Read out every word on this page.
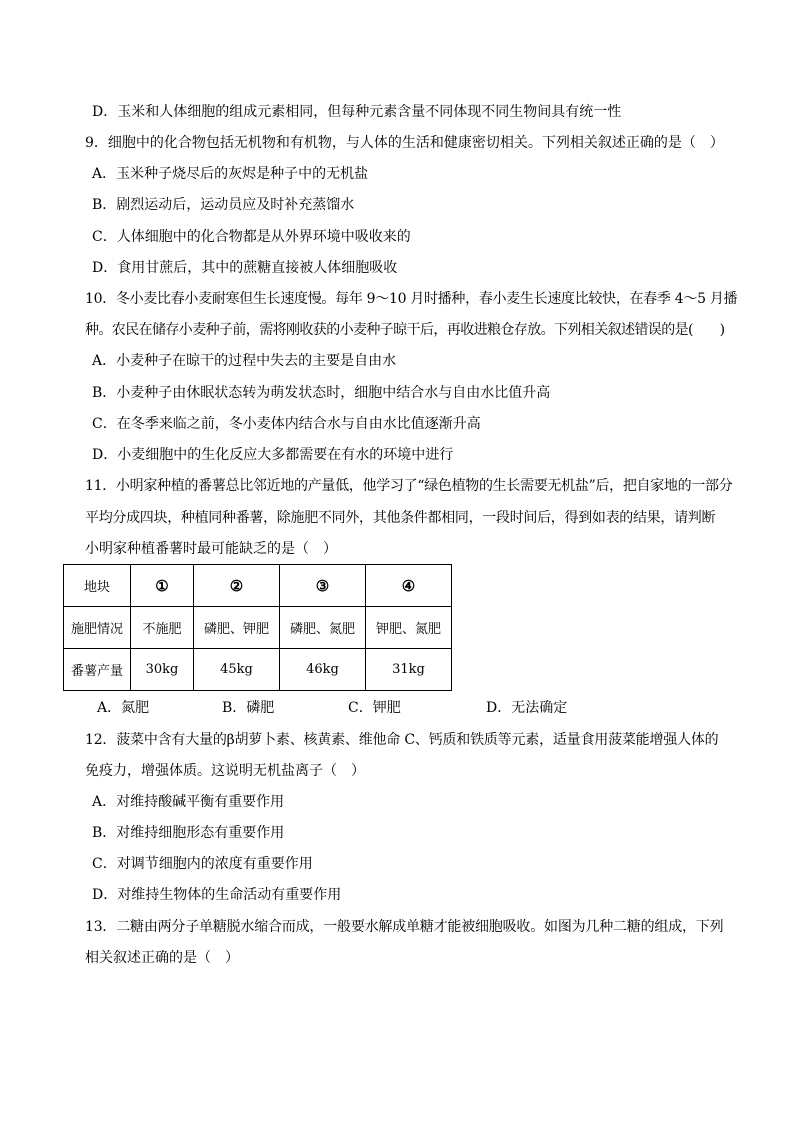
D．玉米和人体细胞的组成元素相同，但每种元素含量不同体现不同生物间具有统一性
9．细胞中的化合物包括无机物和有机物，与人体的生活和健康密切相关。下列相关叙述正确的是（　）
A．玉米种子烧尽后的灰烬是种子中的无机盐
B．剧烈运动后，运动员应及时补充蒸馏水
C．人体细胞中的化合物都是从外界环境中吸收来的
D．食用甘蔗后，其中的蔗糖直接被人体细胞吸收
10．冬小麦比春小麦耐寒但生长速度慢。每年 9～10 月时播种，春小麦生长速度比较快，在春季 4～5 月播
种。农民在储存小麦种子前，需将刚收获的小麦种子晾干后，再收进粮仓存放。下列相关叙述错误的是(　　)
A．小麦种子在晾干的过程中失去的主要是自由水
B．小麦种子由休眠状态转为萌发状态时，细胞中结合水与自由水比值升高
C．在冬季来临之前，冬小麦体内结合水与自由水比值逐渐升高
D．小麦细胞中的生化反应大多都需要在有水的环境中进行
11．小明家种植的番薯总比邻近地的产量低，他学习了“绿色植物的生长需要无机盐”后，把自家地的一部分
平均分成四块，种植同种番薯，除施肥不同外，其他条件都相同，一段时间后，得到如表的结果，请判断
小明家种植番薯时最可能缺乏的是（　）
地块	①	②	③	④
施肥情况	不施肥	磷肥、钾肥	磷肥、氮肥	钾肥、氮肥
番薯产量	30kg	45kg	46kg	31kg
A．氮肥	B．磷肥	C．钾肥	D．无法确定
12．菠菜中含有大量的β胡萝卜素、核黄素、维他命 C、钙质和铁质等元素，适量食用菠菜能增强人体的
免疫力，增强体质。这说明无机盐离子（　）
A．对维持酸碱平衡有重要作用
B．对维持细胞形态有重要作用
C．对调节细胞内的浓度有重要作用
D．对维持生物体的生命活动有重要作用
13．二糖由两分子单糖脱水缩合而成，一般要水解成单糖才能被细胞吸收。如图为几种二糖的组成，下列
相关叙述正确的是（　）
